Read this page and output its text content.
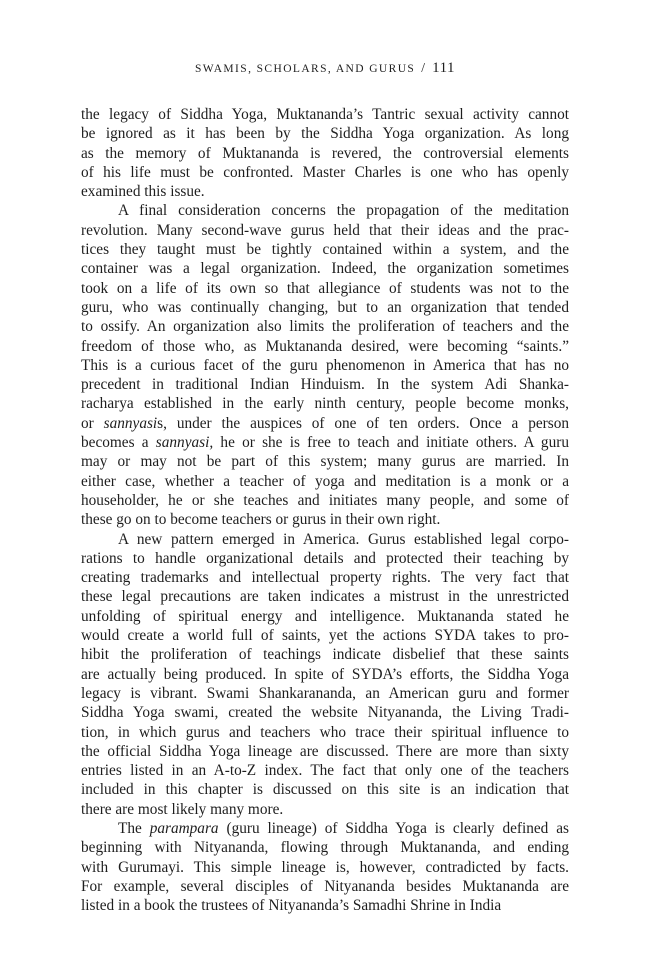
SWAMIS, SCHOLARS, AND GURUS / 111
the legacy of Siddha Yoga, Muktananda’s Tantric sexual activity cannot
be ignored as it has been by the Siddha Yoga organization. As long
as the memory of Muktananda is revered, the controversial elements
of his life must be confronted. Master Charles is one who has openly
examined this issue.
A final consideration concerns the propagation of the meditation
revolution. Many second-wave gurus held that their ideas and the prac-
tices they taught must be tightly contained within a system, and the
container was a legal organization. Indeed, the organization sometimes
took on a life of its own so that allegiance of students was not to the
guru, who was continually changing, but to an organization that tended
to ossify. An organization also limits the proliferation of teachers and the
freedom of those who, as Muktananda desired, were becoming “saints.”
This is a curious facet of the guru phenomenon in America that has no
precedent in traditional Indian Hinduism. In the system Adi Shanka-
racharya established in the early ninth century, people become monks,
or sannyasis, under the auspices of one of ten orders. Once a person
becomes a sannyasi, he or she is free to teach and initiate others. A guru
may or may not be part of this system; many gurus are married. In
either case, whether a teacher of yoga and meditation is a monk or a
householder, he or she teaches and initiates many people, and some of
these go on to become teachers or gurus in their own right.
A new pattern emerged in America. Gurus established legal corpo-
rations to handle organizational details and protected their teaching by
creating trademarks and intellectual property rights. The very fact that
these legal precautions are taken indicates a mistrust in the unrestricted
unfolding of spiritual energy and intelligence. Muktananda stated he
would create a world full of saints, yet the actions SYDA takes to pro-
hibit the proliferation of teachings indicate disbelief that these saints
are actually being produced. In spite of SYDA’s efforts, the Siddha Yoga
legacy is vibrant. Swami Shankarananda, an American guru and former
Siddha Yoga swami, created the website Nityananda, the Living Tradi-
tion, in which gurus and teachers who trace their spiritual influence to
the official Siddha Yoga lineage are discussed. There are more than sixty
entries listed in an A-to-Z index. The fact that only one of the teachers
included in this chapter is discussed on this site is an indication that
there are most likely many more.
The parampara (guru lineage) of Siddha Yoga is clearly defined as
beginning with Nityananda, flowing through Muktananda, and ending
with Gurumayi. This simple lineage is, however, contradicted by facts.
For example, several disciples of Nityananda besides Muktananda are
listed in a book the trustees of Nityananda’s Samadhi Shrine in India
